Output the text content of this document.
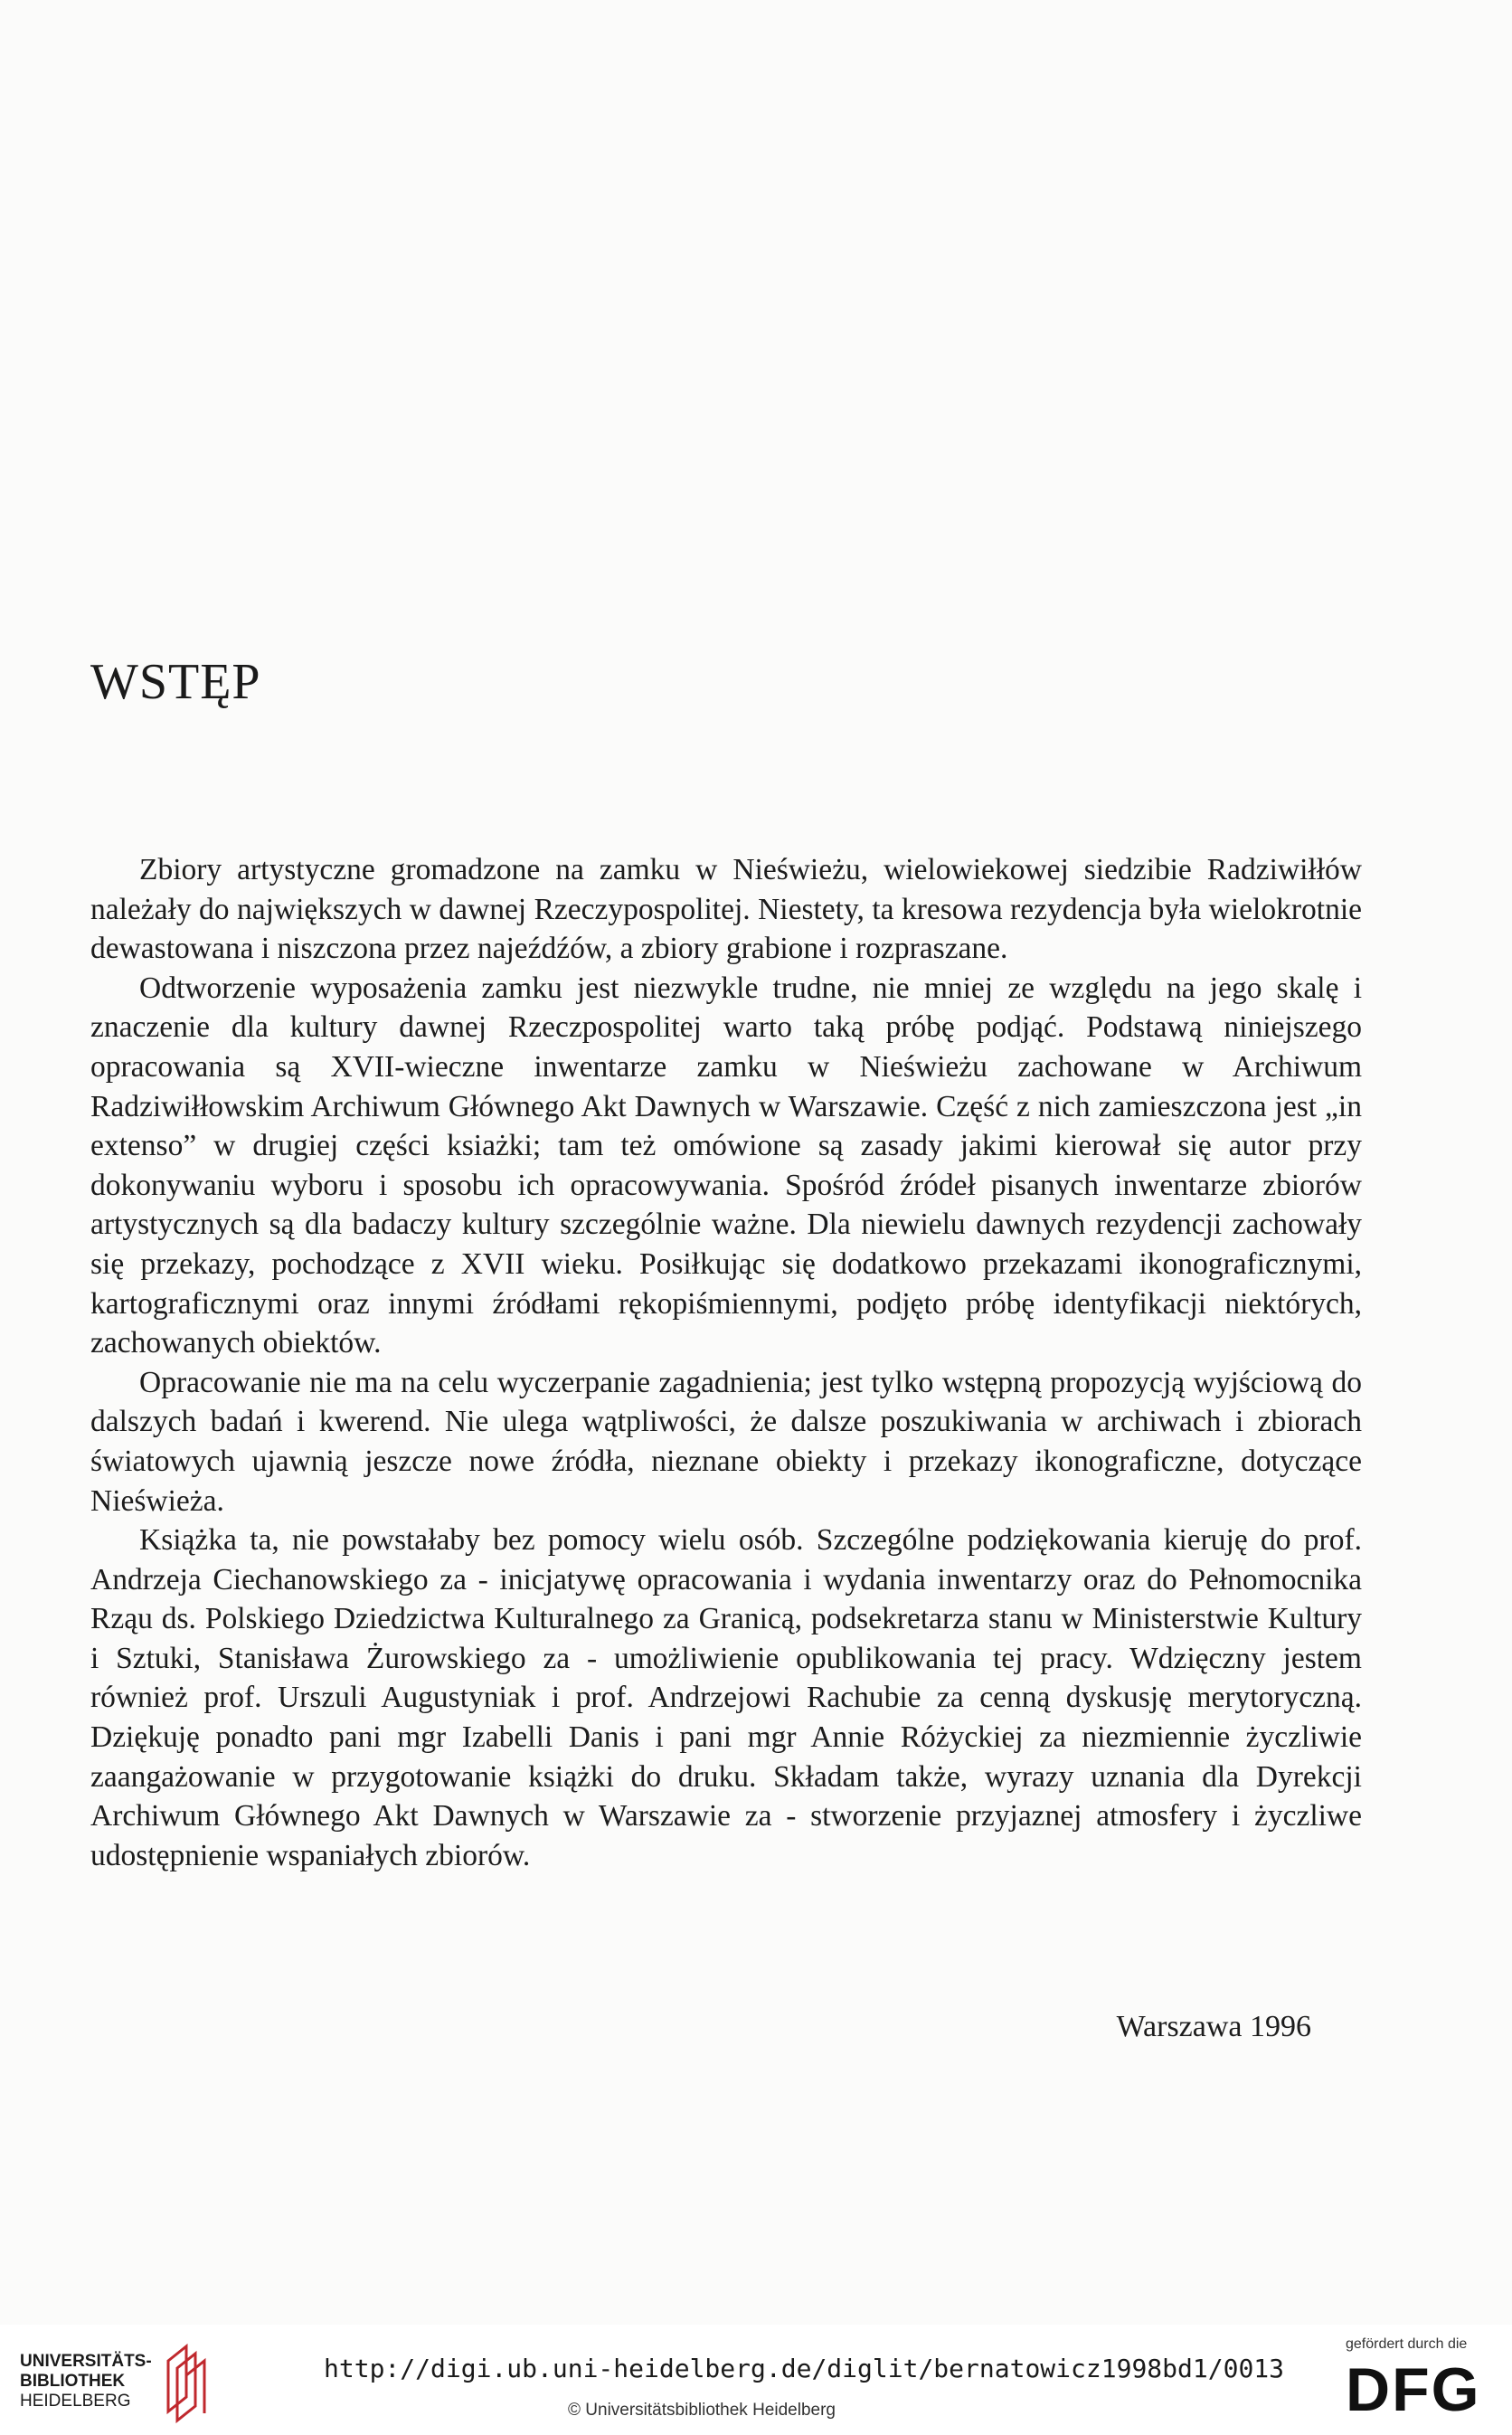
WSTĘP

Zbiory artystyczne gromadzone na zamku w Nieświeżu, wielowiekowej siedzibie Radziwiłłów należały do największych w dawnej Rzeczypospolitej. Niestety, ta kresowa rezydencja była wielokrotnie dewastowana i niszczona przez najeźdźów, a zbiory grabione i rozpraszane.

Odtworzenie wyposażenia zamku jest niezwykle trudne, nie mniej ze względu na jego skalę i znaczenie dla kultury dawnej Rzeczpospolitej warto taką próbę podjąć. Podstawą niniejszego opracowania są XVII-wieczne inwentarze zamku w Nieświeżu zachowane w Archiwum Radziwiłłowskim Archiwum Głównego Akt Dawnych w Warszawie. Część z nich zamieszczona jest „in extenso” w drugiej części ksiażki; tam też omówione są zasady jakimi kierował się autor przy dokonywaniu wyboru i sposobu ich opracowywania. Spośród źródeł pisanych inwentarze zbiorów artystycznych są dla badaczy kultury szczególnie ważne. Dla niewielu dawnych rezydencji zachowały się przekazy, pochodzące z XVII wieku. Posiłkując się dodatkowo przekazami ikonograficznymi, kartograficznymi oraz innymi źródłami rękopiśmiennymi, podjęto próbę identyfikacji niektórych, zachowanych obiektów.

Opracowanie nie ma na celu wyczerpanie zagadnienia; jest tylko wstępną propozycją wyjściową do dalszych badań i kwerend. Nie ulega wątpliwości, że dalsze poszukiwania w archiwach i zbiorach światowych ujawnią jeszcze nowe źródła, nieznane obiekty i przekazy ikonograficzne, dotyczące Nieświeża.

Książka ta, nie powstałaby bez pomocy wielu osób. Szczególne podziękowania kieruję do prof. Andrzeja Ciechanowskiego za - inicjatywę opracowania i wydania inwentarzy oraz do Pełnomocnika Rząu ds. Polskiego Dziedzictwa Kulturalnego za Granicą, podsekretarza stanu w Ministerstwie Kultury i Sztuki, Stanisława Żurowskiego za - umożliwienie opublikowania tej pracy. Wdzięczny jestem również prof. Urszuli Augustyniak i prof. Andrzejowi Rachubie za cenną dyskusję merytoryczną. Dziękuję ponadto pani mgr Izabelli Danis i pani mgr Annie Różyckiej za niezmiennie życzliwie zaangażowanie w przygotowanie książki do druku. Składam także, wyrazy uznania dla Dyrekcji Archiwum Głównego Akt Dawnych w Warszawie za - stworzenie przyjaznej atmosfery i życzliwe udostępnienie wspaniałych zbiorów.

Warszawa 1996
UNIVERSITÄTS-
BIBLIOTHEK
HEIDELBERG
http://digi.ub.uni-heidelberg.de/diglit/bernatowicz1998bd1/0013
© Universitätsbibliothek Heidelberg
gefördert durch die
DFG
